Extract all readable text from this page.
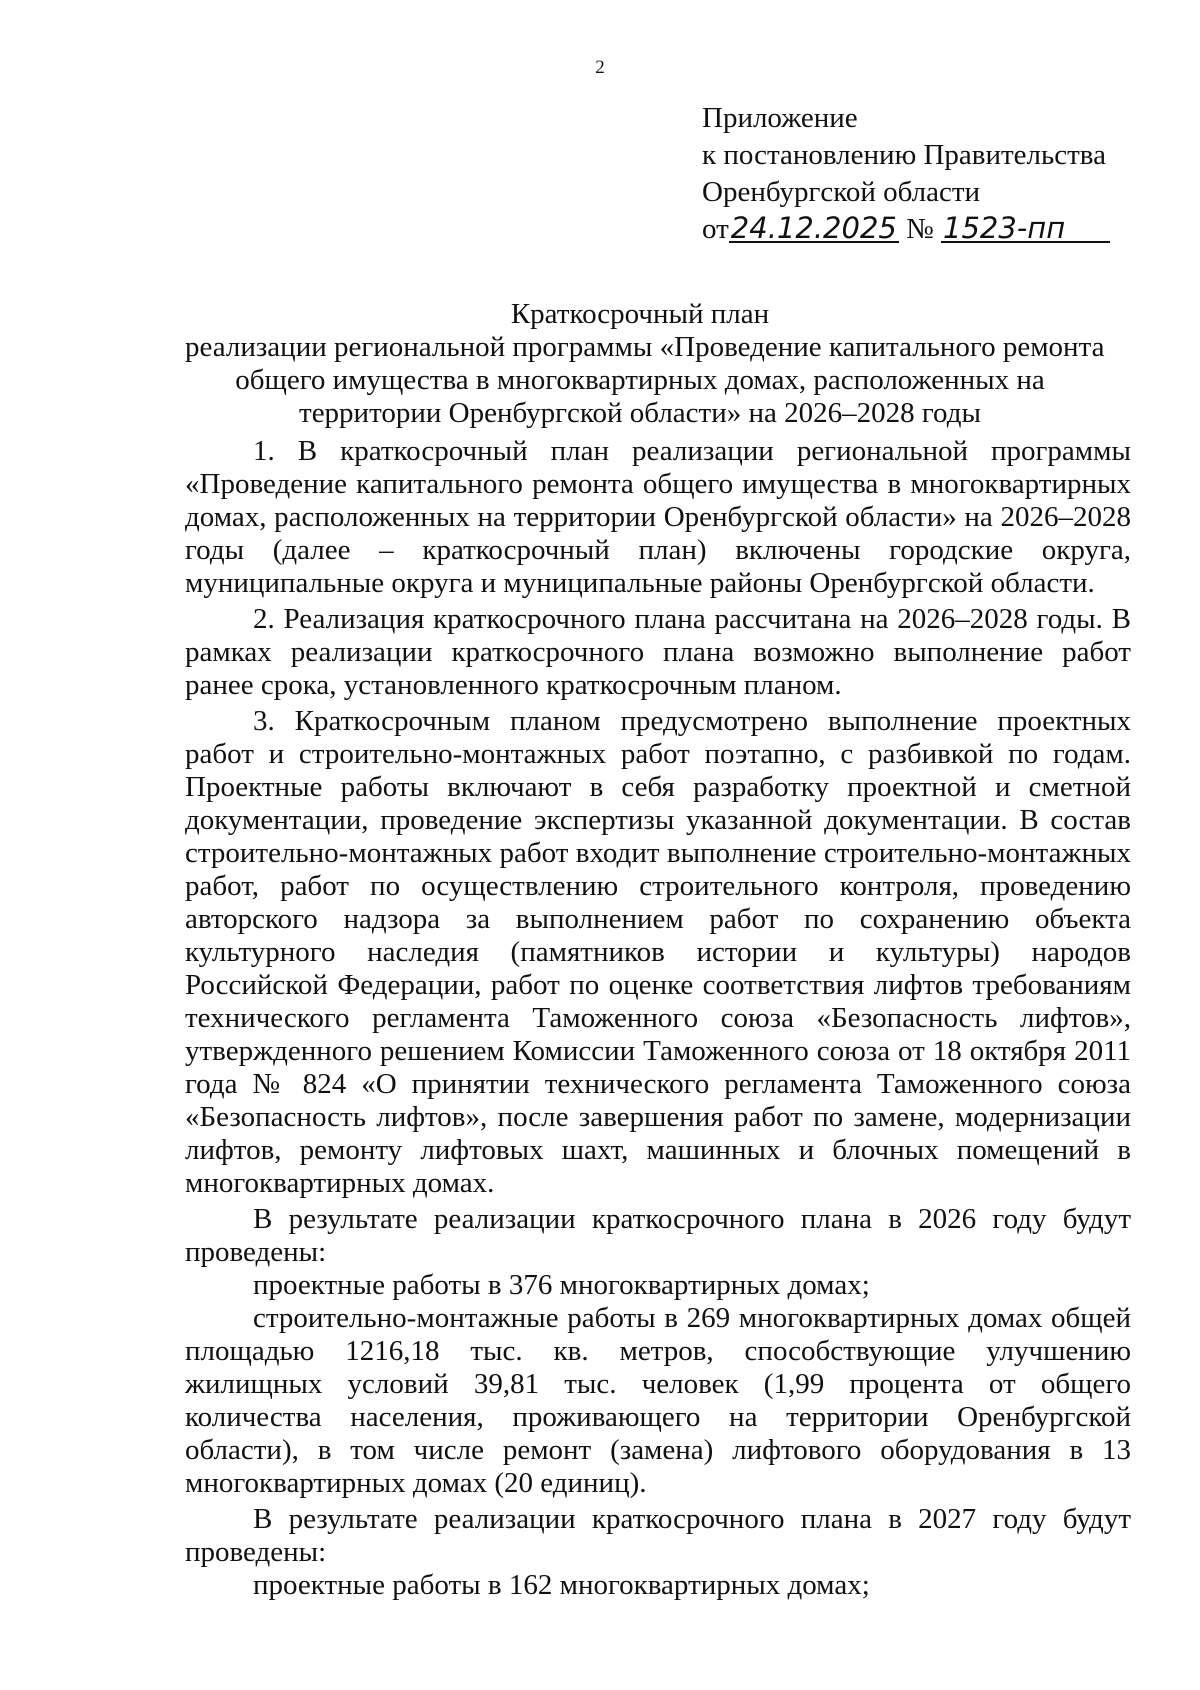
2
Приложение
к постановлению Правительства
Оренбургской области
от24.12.2025 № 1523-пп
Краткосрочный план
реализации региональной программы «Проведение капитального ремонта
общего имущества в многоквартирных домах, расположенных на
территории Оренбургской области» на 2026–2028 годы

1. В краткосрочный план реализации региональной программы «Проведение капитального ремонта общего имущества в многоквартирных домах, расположенных на территории Оренбургской области» на 2026–2028 годы (далее – краткосрочный план) включены городские округа, муниципальные округа и муниципальные районы Оренбургской области.

2. Реализация краткосрочного плана рассчитана на 2026–2028 годы. В рамках реализации краткосрочного плана возможно выполнение работ ранее срока, установленного краткосрочным планом.

3. Краткосрочным планом предусмотрено выполнение проектных работ и строительно-монтажных работ поэтапно, с разбивкой по годам. Проектные работы включают в себя разработку проектной и сметной документации, проведение экспертизы указанной документации. В состав строительно-монтажных работ входит выполнение строительно-монтажных работ, работ по осуществлению строительного контроля, проведению авторского надзора за выполнением работ по сохранению объекта культурного наследия (памятников истории и культуры) народов Российской Федерации, работ по оценке соответствия лифтов требованиям технического регламента Таможенного союза «Безопасность лифтов», утвержденного решением Комиссии Таможенного союза от 18 октября 2011 года № 824 «О принятии технического регламента Таможенного союза «Безопасность лифтов», после завершения работ по замене, модернизации лифтов, ремонту лифтовых шахт, машинных и блочных помещений в многоквартирных домах.

В результате реализации краткосрочного плана в 2026 году будут проведены:

проектные работы в 376 многоквартирных домах;

строительно-монтажные работы в 269 многоквартирных домах общей площадью 1216,18 тыс. кв. метров, способствующие улучшению жилищных условий 39,81 тыс. человек (1,99 процента от общего количества населения, проживающего на территории Оренбургской области), в том числе ремонт (замена) лифтового оборудования в 13 многоквартирных домах (20 единиц).

В результате реализации краткосрочного плана в 2027 году будут проведены:

проектные работы в 162 многоквартирных домах;
